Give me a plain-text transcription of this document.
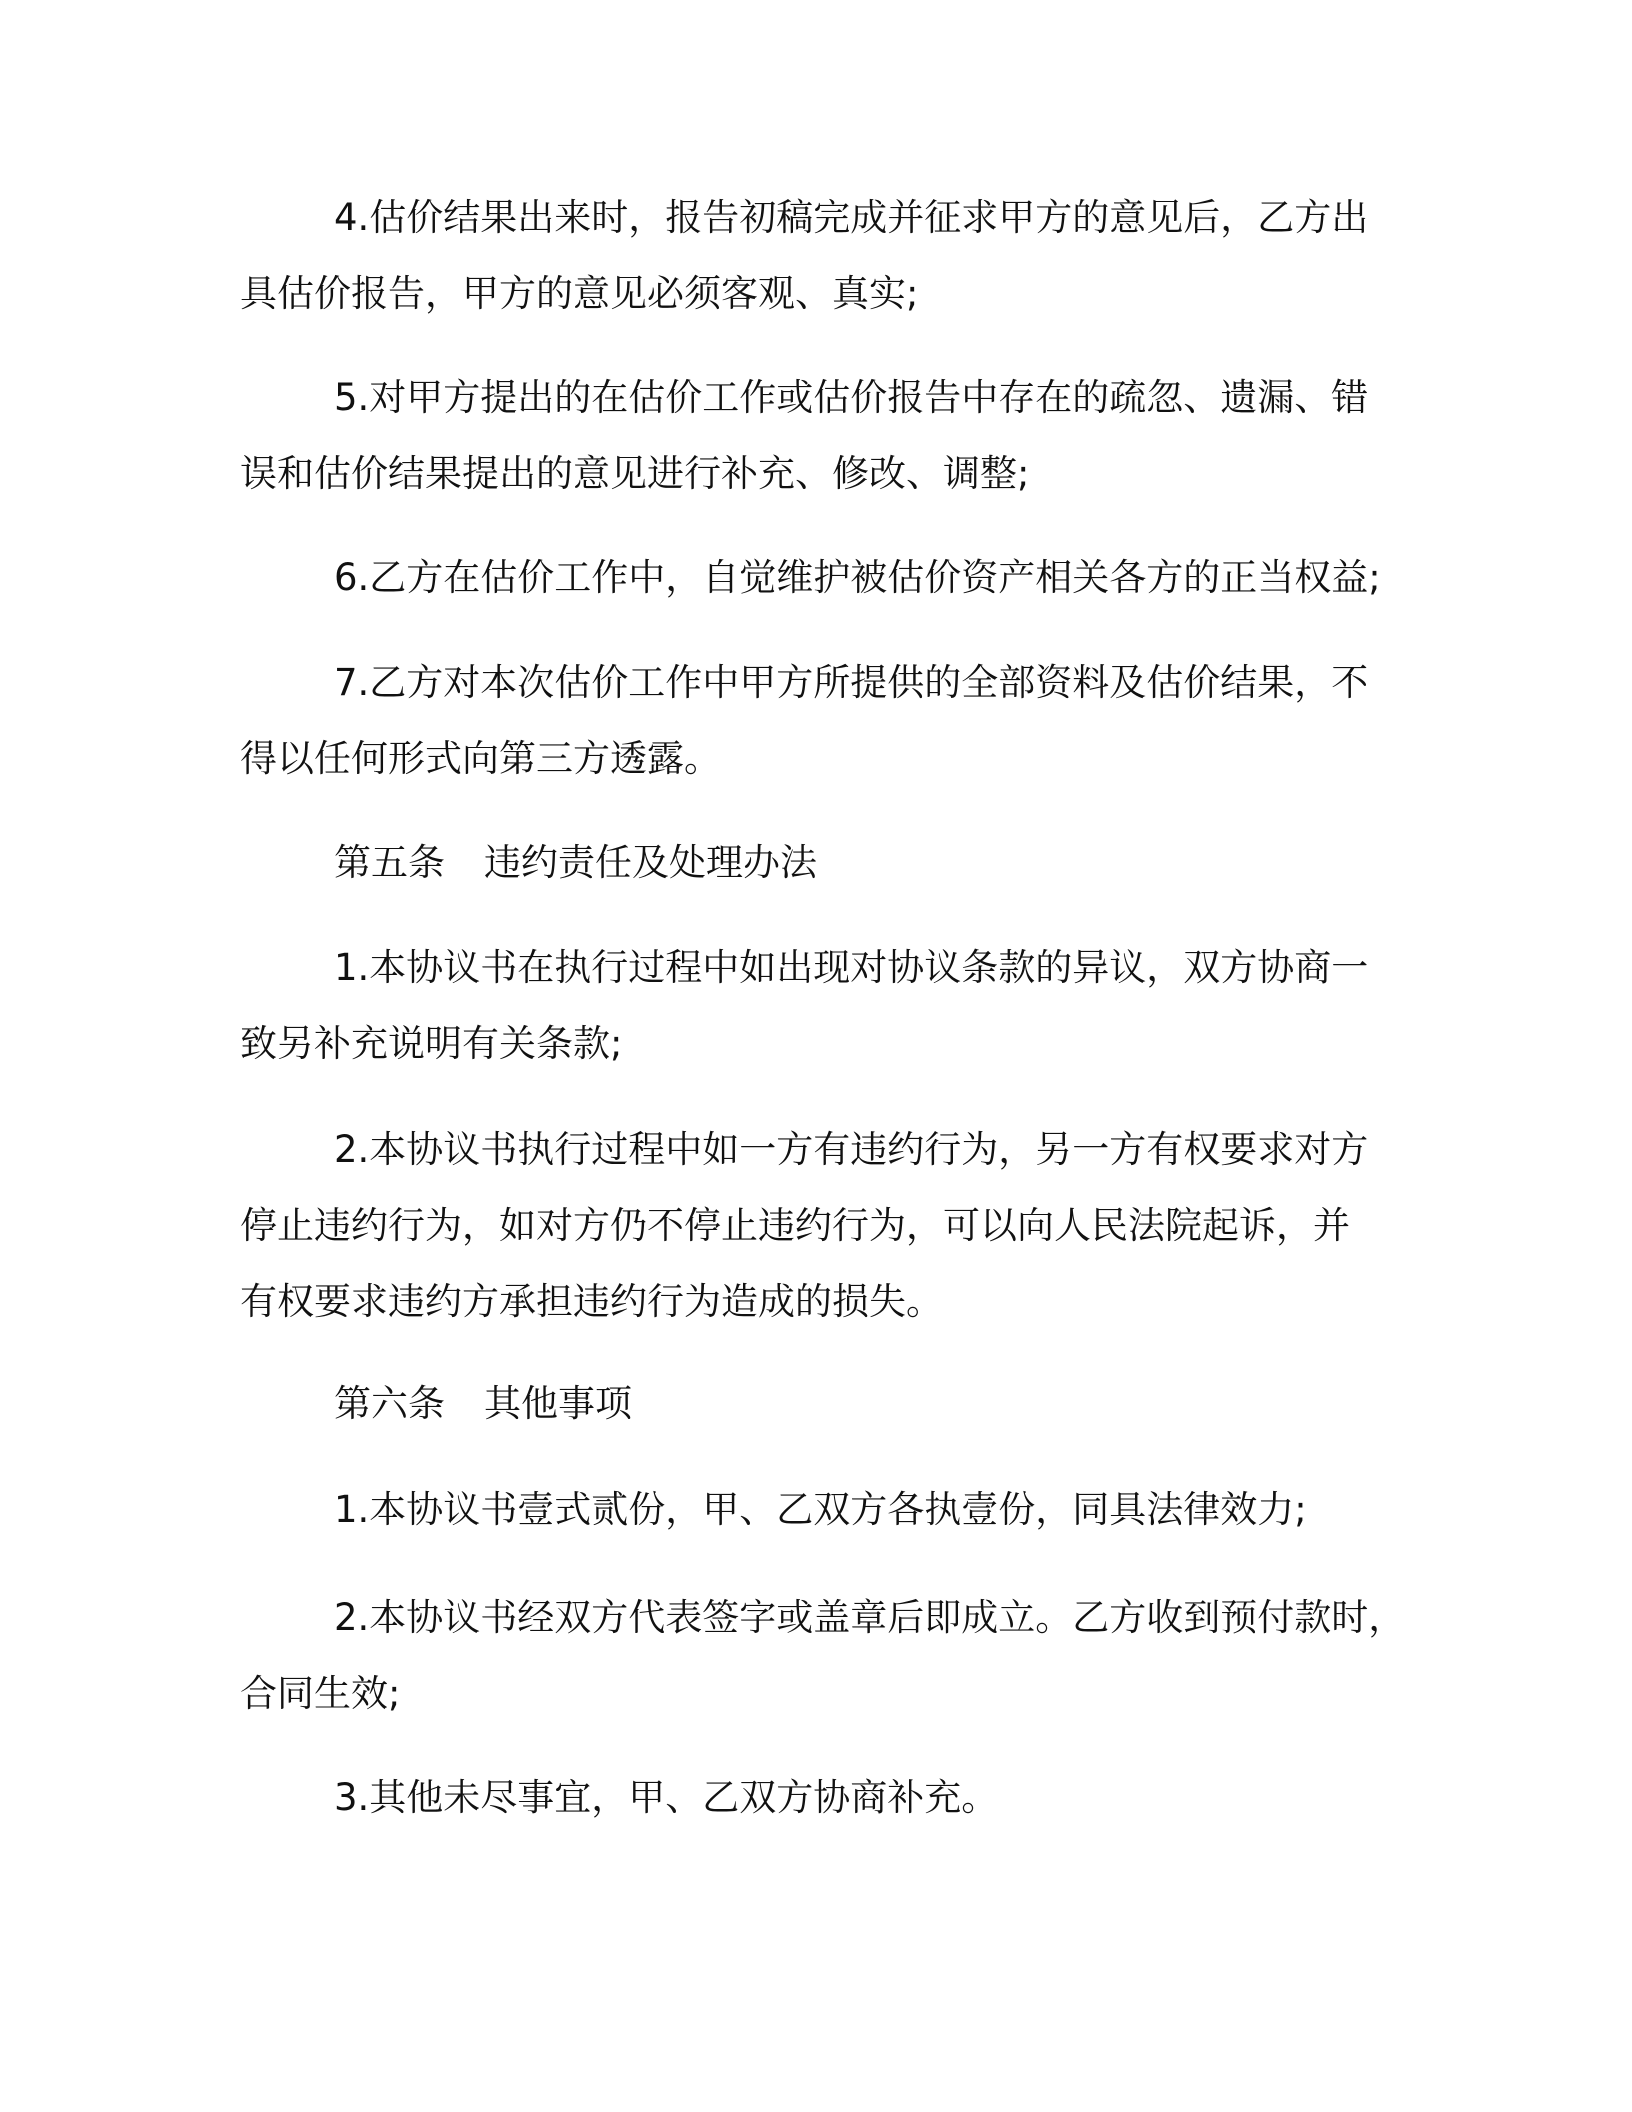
4.估价结果出来时，报告初稿完成并征求甲方的意见后，乙方出
具估价报告，甲方的意见必须客观、真实;

5.对甲方提出的在估价工作或估价报告中存在的疏忽、遗漏、错
误和估价结果提出的意见进行补充、修改、调整;

6.乙方在估价工作中，自觉维护被估价资产相关各方的正当权益;

7.乙方对本次估价工作中甲方所提供的全部资料及估价结果，不
得以任何形式向第三方透露。

第五条 违约责任及处理办法

1.本协议书在执行过程中如出现对协议条款的异议，双方协商一
致另补充说明有关条款;

2.本协议书执行过程中如一方有违约行为，另一方有权要求对方
停止违约行为，如对方仍不停止违约行为，可以向人民法院起诉，并
有权要求违约方承担违约行为造成的损失。

第六条 其他事项

1.本协议书壹式贰份，甲、乙双方各执壹份，同具法律效力;

2.本协议书经双方代表签字或盖章后即成立。乙方收到预付款时，
合同生效;

3.其他未尽事宜，甲、乙双方协商补充。
